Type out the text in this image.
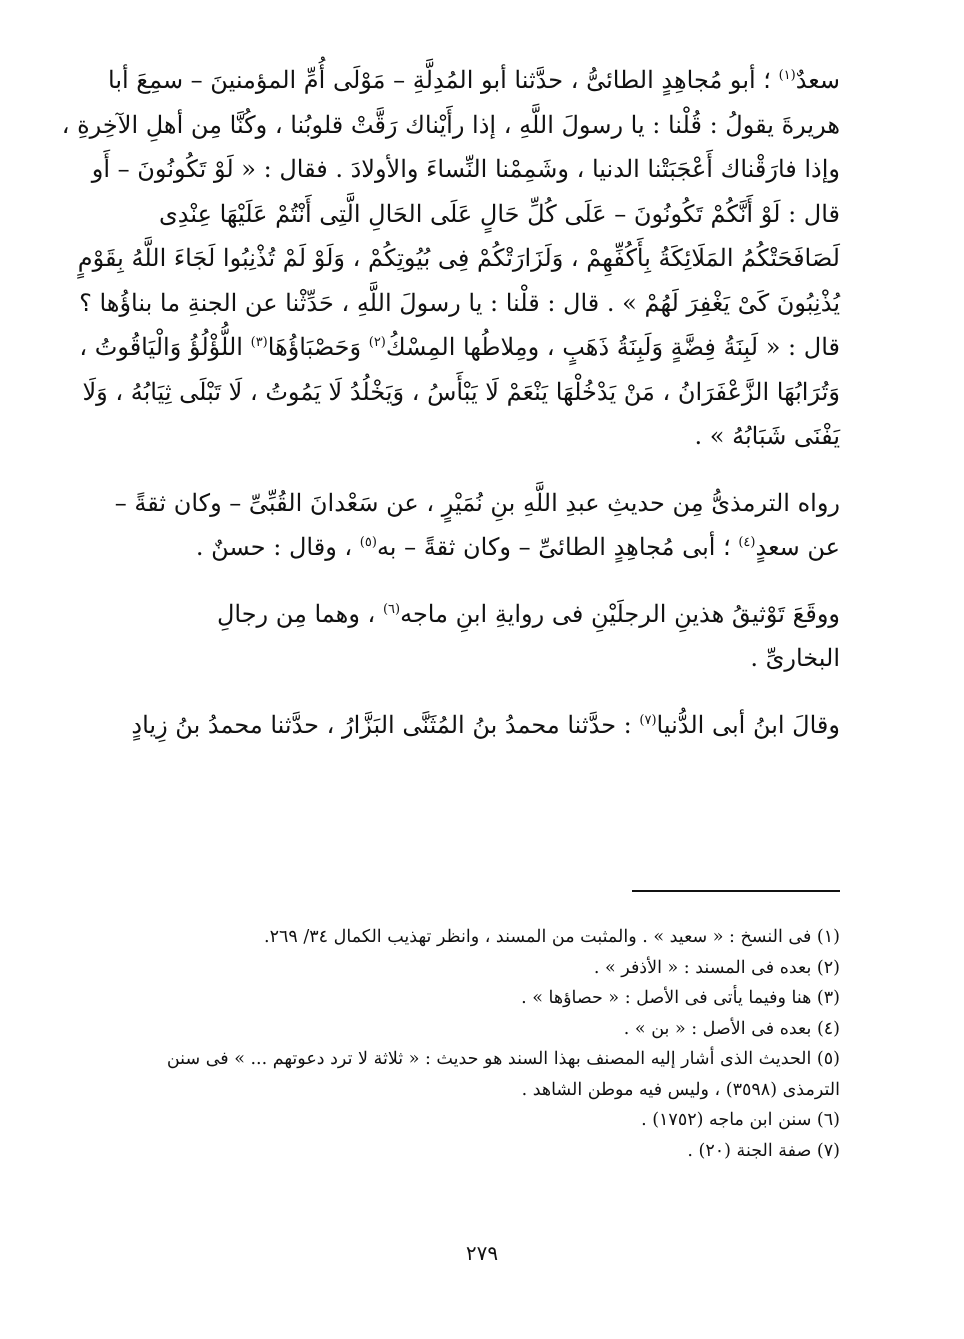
سعدٌ$^{(١)}$ ؛ أبو مُجاهِدٍ الطائىُّ ، حدَّثنا أبو المُدِلَّةِ – مَوْلَى أُمِّ المؤمنينَ – سمِعَ أبا
هريرةَ يقولُ : قُلْنا : يا رسولَ اللَّهِ ، إذا رأَيْناك رَقَّتْ قلوبُنا ، وكُنَّا مِن أهلِ الآخِرةِ ،
وإذا فارَقْناك أَعْجَبَتْنا الدنيا ، وشَمِمْنا النِّساءَ والأولادَ . فقال : « لَوْ تَكُونُونَ – أَو
قال : لَوْ أَنَّكُمْ تَكُونُونَ – عَلَى كُلِّ حَالٍ عَلَى الحَالِ الَّتِى أَنْتُمْ عَلَيْهَا عِنْدِى
لَصَافَحَتْكُمُ المَلَائِكَةُ بِأَكُفِّهِمْ ، وَلَزَارَتْكُمْ فِى بُيُوتِكُمْ ، وَلَوْ لَمْ تُذْنِبُوا لَجَاءَ اللَّهُ بِقَوْمٍ
يُذْنِبُونَ كَىْ يَغْفِرَ لَهُمْ » . قال : قلْنا : يا رسولَ اللَّهِ ، حَدِّثْنا عن الجنةِ ما بناؤُها ؟
قال : « لَبِنَةُ فِضَّةٍ وَلَبِنَةُ ذَهَبٍ ، ومِلاطُها المِسْكُ$^{(٢)}$ وَحَصْبَاؤُهَا$^{(٣)}$ اللُّؤْلُؤُ وَالْيَاقُوتُ ،
وَتُرَابُهَا الزَّعْفَرَانُ ، مَنْ يَدْخُلْهَا يَنْعَمْ لَا يَبْأَسُ ، وَيَخْلُدُ لَا يَمُوتُ ، لَا تَبْلَى ثِيَابُهُ ، وَلَا
يَفْنَى شَبَابُهُ » .

رواه الترمذىُّ مِن حديثِ عبدِ اللَّهِ بنِ نُمَيْرٍ ، عن سَعْدانَ القُبِّىِّ – وكان ثقةً –
عن سعدٍ$^{(٤)}$ ؛ أبى مُجاهِدٍ الطائىِّ – وكان ثقةً – به$^{(٥)}$ ، وقال : حسنٌ .

ووقَعَ تَوْثيقُ هذينِ الرجلَيْنِ فى روايةِ ابنِ ماجه$^{(٦)}$ ، وهما مِن رجالِ
البخارىِّ .

وقالَ ابنُ أبى الدُّنيا$^{(٧)}$ : حدَّثنا محمدُ بنُ المُثَنَّى البَزَّارُ ، حدَّثنا محمدُ بنُ زِيادٍ

(١) فى النسخ : « سعيد » . والمثبت من المسند ، وانظر تهذيب الكمال ٣٤/ ٢٦٩.
(٢) بعده فى المسند : « الأذفر » .
(٣) هنا وفيما يأتى فى الأصل : « حصاؤها » .
(٤) بعده فى الأصل : « بن » .
(٥) الحديث الذى أشار إليه المصنف بهذا السند هو حديث : « ثلاثة لا ترد دعوتهم ... » فى سنن
الترمذى (٣٥٩٨) ، وليس فيه موطن الشاهد .
(٦) سنن ابن ماجه (١٧٥٢) .
(٧) صفة الجنة (٢٠) .
٢٧٩
